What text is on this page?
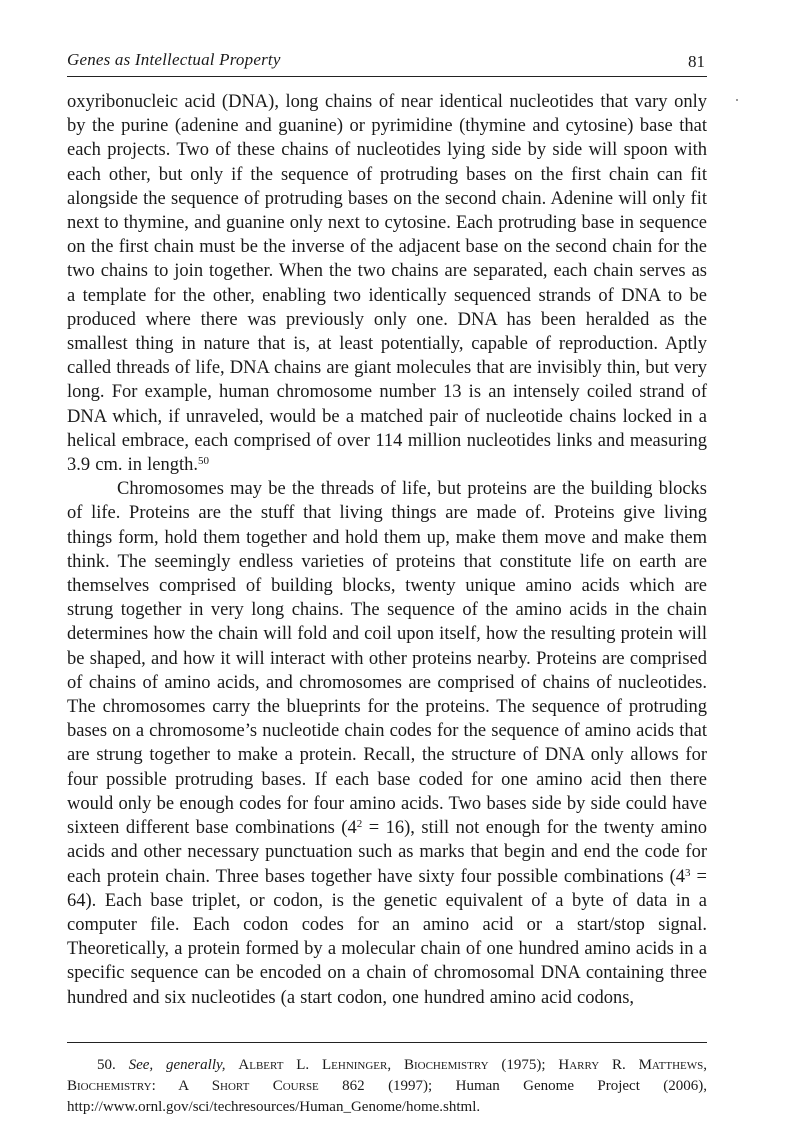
Genes as Intellectual Property	81

oxyribonucleic acid (DNA), long chains of near identical nucleotides that vary only by the purine (adenine and guanine) or pyrimidine (thymine and cytosine) base that each projects. Two of these chains of nucleotides lying side by side will spoon with each other, but only if the sequence of protruding bases on the first chain can fit alongside the sequence of protruding bases on the second chain. Adenine will only fit next to thymine, and guanine only next to cytosine. Each protruding base in sequence on the first chain must be the inverse of the adjacent base on the second chain for the two chains to join together. When the two chains are separated, each chain serves as a template for the other, enabling two identically sequenced strands of DNA to be produced where there was previously only one. DNA has been heralded as the smallest thing in nature that is, at least potentially, capable of reproduction. Aptly called threads of life, DNA chains are giant molecules that are invisibly thin, but very long. For example, human chromosome number 13 is an intensely coiled strand of DNA which, if unraveled, would be a matched pair of nucleotide chains locked in a helical embrace, each comprised of over 114 million nucleotides links and measuring 3.9 cm. in length.$^{50}$

Chromosomes may be the threads of life, but proteins are the building blocks of life. Proteins are the stuff that living things are made of. Proteins give living things form, hold them together and hold them up, make them move and make them think. The seemingly endless varieties of proteins that constitute life on earth are themselves comprised of building blocks, twenty unique amino acids which are strung together in very long chains. The sequence of the amino acids in the chain determines how the chain will fold and coil upon itself, how the resulting protein will be shaped, and how it will interact with other proteins nearby. Proteins are comprised of chains of amino acids, and chromosomes are comprised of chains of nucleotides. The chromosomes carry the blueprints for the proteins. The sequence of protruding bases on a chromosome’s nucleotide chain codes for the sequence of amino acids that are strung together to make a protein. Recall, the structure of DNA only allows for four possible protruding bases. If each base coded for one amino acid then there would only be enough codes for four amino acids. Two bases side by side could have sixteen different base combinations $(4^2 = 16)$, still not enough for the twenty amino acids and other necessary punctuation such as marks that begin and end the code for each protein chain. Three bases together have sixty four possible combinations $(4^3 = 64)$. Each base triplet, or codon, is the genetic equivalent of a byte of data in a computer file. Each codon codes for an amino acid or a start/stop signal. Theoretically, a protein formed by a molecular chain of one hundred amino acids in a specific sequence can be encoded on a chain of chromosomal DNA containing three hundred and six nucleotides (a start codon, one hundred amino acid codons,

50. See, generally, Albert L. Lehninger, Biochemistry (1975); Harry R. Matthews, Biochemistry: A Short Course 862 (1997); Human Genome Project (2006), http://www.ornl.gov/sci/techresources/Human_Genome/home.shtml.
